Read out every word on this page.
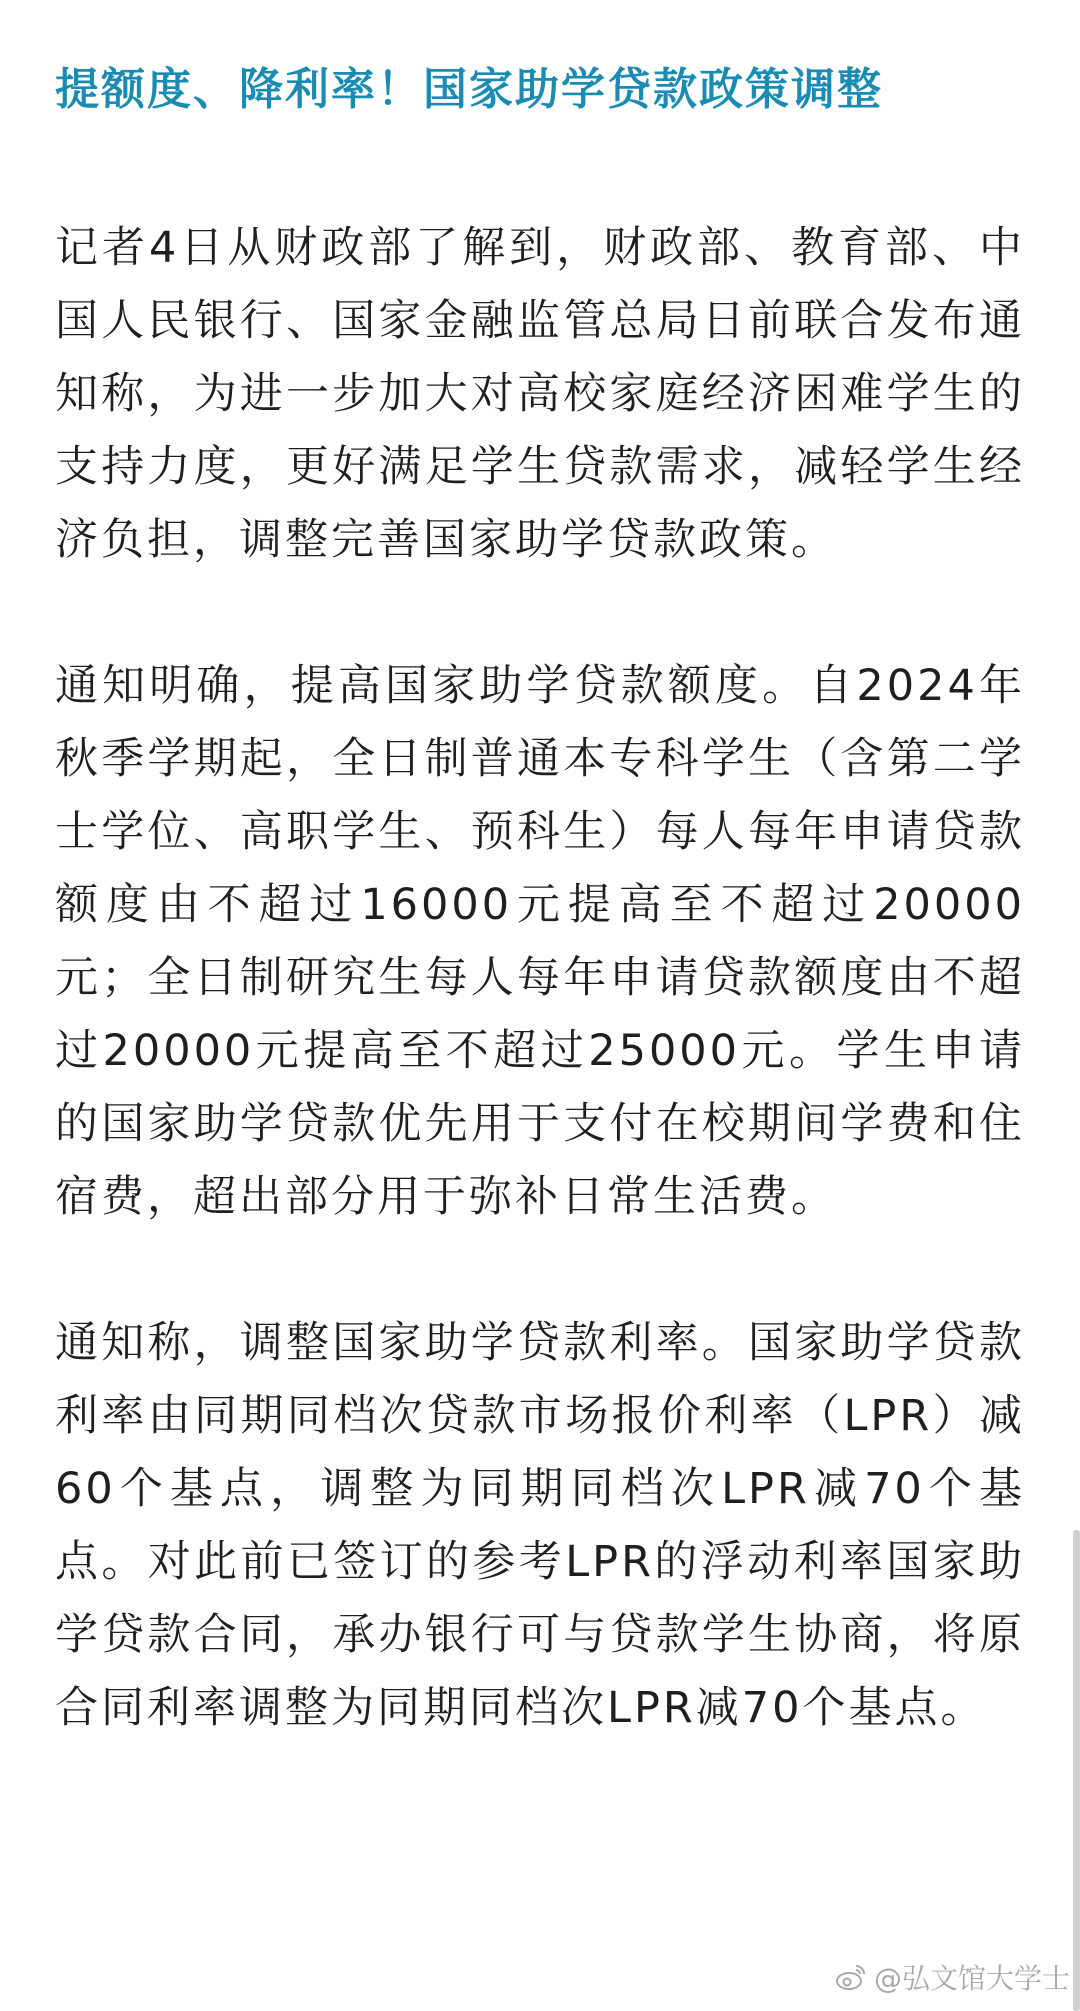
提额度、降利率！国家助学贷款政策调整

记者4日从财政部了解到，财政部、教育部、中国人民银行、国家金融监管总局日前联合发布通知称，为进一步加大对高校家庭经济困难学生的支持力度，更好满足学生贷款需求，减轻学生经济负担，调整完善国家助学贷款政策。

通知明确，提高国家助学贷款额度。自2024年秋季学期起，全日制普通本专科学生（含第二学士学位、高职学生、预科生）每人每年申请贷款额度由不超过16000元提高至不超过20000元；全日制研究生每人每年申请贷款额度由不超过20000元提高至不超过25000元。学生申请的国家助学贷款优先用于支付在校期间学费和住宿费，超出部分用于弥补日常生活费。

通知称，调整国家助学贷款利率。国家助学贷款利率由同期同档次贷款市场报价利率（LPR）减60个基点，调整为同期同档次LPR减70个基点。对此前已签订的参考LPR的浮动利率国家助学贷款合同，承办银行可与贷款学生协商，将原合同利率调整为同期同档次LPR减70个基点。

@弘文馆大学士
